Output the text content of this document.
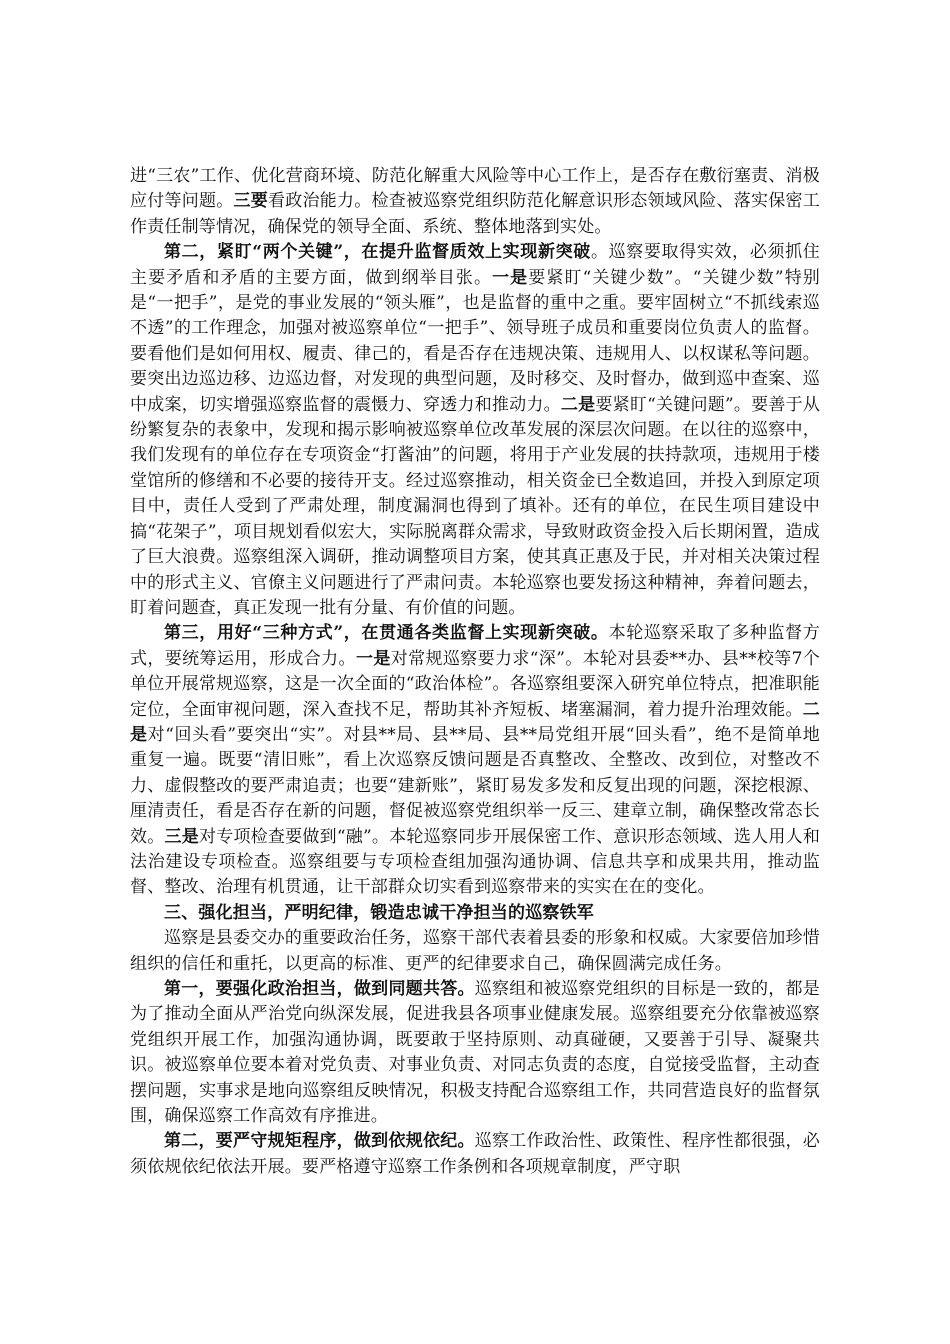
进“三农”工作、优化营商环境、防范化解重大风险等中心工作上，是否存在敷衍塞责、消极应付等问题。三要看政治能力。检查被巡察党组织防范化解意识形态领域风险、落实保密工作责任制等情况，确保党的领导全面、系统、整体地落到实处。

第二，紧盯“两个关键”，在提升监督质效上实现新突破。巡察要取得实效，必须抓住主要矛盾和矛盾的主要方面，做到纲举目张。一是要紧盯“关键少数”。“关键少数”特别是“一把手”，是党的事业发展的“领头雁”，也是监督的重中之重。要牢固树立“不抓线索巡不透”的工作理念，加强对被巡察单位“一把手”、领导班子成员和重要岗位负责人的监督。要看他们是如何用权、履责、律己的，看是否存在违规决策、违规用人、以权谋私等问题。要突出边巡边移、边巡边督，对发现的典型问题，及时移交、及时督办，做到巡中查案、巡中成案，切实增强巡察监督的震慑力、穿透力和推动力。二是要紧盯“关键问题”。要善于从纷繁复杂的表象中，发现和揭示影响被巡察单位改革发展的深层次问题。在以往的巡察中，我们发现有的单位存在专项资金“打酱油”的问题，将用于产业发展的扶持款项，违规用于楼堂馆所的修缮和不必要的接待开支。经过巡察推动，相关资金已全数追回，并投入到原定项目中，责任人受到了严肃处理，制度漏洞也得到了填补。还有的单位，在民生项目建设中搞“花架子”，项目规划看似宏大，实际脱离群众需求，导致财政资金投入后长期闲置，造成了巨大浪费。巡察组深入调研，推动调整项目方案，使其真正惠及于民，并对相关决策过程中的形式主义、官僚主义问题进行了严肃问责。本轮巡察也要发扬这种精神，奔着问题去，盯着问题查，真正发现一批有分量、有价值的问题。

第三，用好“三种方式”，在贯通各类监督上实现新突破。本轮巡察采取了多种监督方式，要统筹运用，形成合力。一是对常规巡察要力求“深”。本轮对县委**办、县**校等7个单位开展常规巡察，这是一次全面的“政治体检”。各巡察组要深入研究单位特点，把准职能定位，全面审视问题，深入查找不足，帮助其补齐短板、堵塞漏洞，着力提升治理效能。二是对“回头看”要突出“实”。对县**局、县**局、县**局党组开展“回头看”，绝不是简单地重复一遍。既要“清旧账”，看上次巡察反馈问题是否真整改、全整改、改到位，对整改不力、虚假整改的要严肃追责；也要“建新账”，紧盯易发多发和反复出现的问题，深挖根源、厘清责任，看是否存在新的问题，督促被巡察党组织举一反三、建章立制，确保整改常态长效。三是对专项检查要做到“融”。本轮巡察同步开展保密工作、意识形态领域、选人用人和法治建设专项检查。巡察组要与专项检查组加强沟通协调、信息共享和成果共用，推动监督、整改、治理有机贯通，让干部群众切实看到巡察带来的实实在在的变化。

三、强化担当，严明纪律，锻造忠诚干净担当的巡察铁军

巡察是县委交办的重要政治任务，巡察干部代表着县委的形象和权威。大家要倍加珍惜组织的信任和重托，以更高的标准、更严的纪律要求自己，确保圆满完成任务。

第一，要强化政治担当，做到同题共答。巡察组和被巡察党组织的目标是一致的，都是为了推动全面从严治党向纵深发展，促进我县各项事业健康发展。巡察组要充分依靠被巡察党组织开展工作，加强沟通协调，既要敢于坚持原则、动真碰硬，又要善于引导、凝聚共识。被巡察单位要本着对党负责、对事业负责、对同志负责的态度，自觉接受监督，主动查摆问题，实事求是地向巡察组反映情况，积极支持配合巡察组工作，共同营造良好的监督氛围，确保巡察工作高效有序推进。

第二，要严守规矩程序，做到依规依纪。巡察工作政治性、政策性、程序性都很强，必须依规依纪依法开展。要严格遵守巡察工作条例和各项规章制度，严守职
